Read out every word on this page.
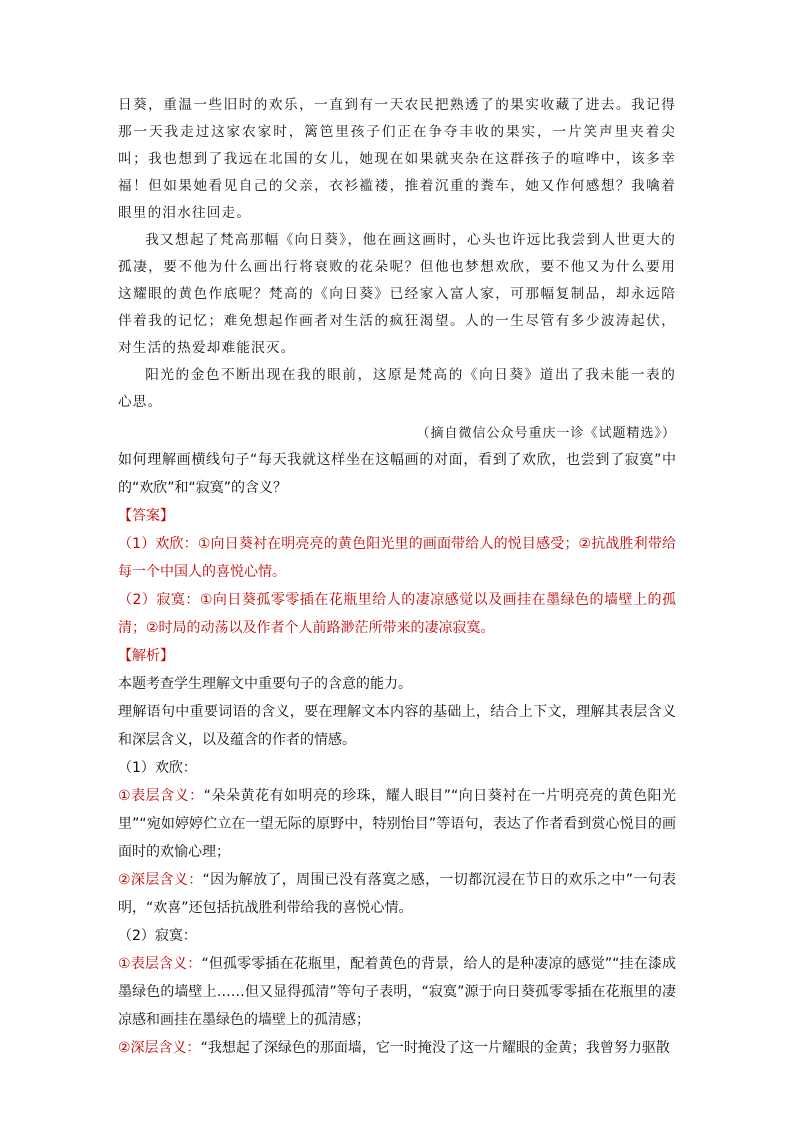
日葵，重温一些旧时的欢乐，一直到有一天农民把熟透了的果实收藏了进去。我记得那一天我走过这家农家时，篱笆里孩子们正在争夺丰收的果实，一片笑声里夹着尖叫；我也想到了我远在北国的女儿，她现在如果就夹杂在这群孩子的喧哗中，该多幸福！但如果她看见自己的父亲，衣衫褴褛，推着沉重的粪车，她又作何感想？我噙着眼里的泪水往回走。

我又想起了梵高那幅《向日葵》，他在画这画时，心头也许远比我尝到人世更大的孤凄，要不他为什么画出行将衰败的花朵呢？但他也梦想欢欣，要不他又为什么要用这耀眼的黄色作底呢？梵高的《向日葵》已经家入富人家，可那幅复制品，却永远陪伴着我的记忆；难免想起作画者对生活的疯狂渴望。人的一生尽管有多少波涛起伏，对生活的热爱却难能泯灭。

阳光的金色不断出现在我的眼前，这原是梵高的《向日葵》道出了我未能一表的心思。

（摘自微信公众号重庆一诊《试题精选》）

如何理解画横线句子“每天我就这样坐在这幅画的对面，看到了欢欣，也尝到了寂寞”中的“欢欣”和“寂寞”的含义？

【答案】

（1）欢欣：①向日葵衬在明亮亮的黄色阳光里的画面带给人的悦目感受；②抗战胜利带给每一个中国人的喜悦心情。

（2）寂寞：①向日葵孤零零插在花瓶里给人的凄凉感觉以及画挂在墨绿色的墙壁上的孤清；②时局的动荡以及作者个人前路渺茫所带来的凄凉寂寞。

【解析】

本题考查学生理解文中重要句子的含意的能力。

理解语句中重要词语的含义，要在理解文本内容的基础上，结合上下文，理解其表层含义和深层含义，以及蕴含的作者的情感。

（1）欢欣：

①表层含义：“朵朵黄花有如明亮的珍珠，耀人眼目”“向日葵衬在一片明亮亮的黄色阳光里”“宛如婷婷伫立在一望无际的原野中，特别怡目”等语句，表达了作者看到赏心悦目的画面时的欢愉心理；

②深层含义：“因为解放了，周围已没有落寞之感，一切都沉浸在节日的欢乐之中”一句表明，“欢喜”还包括抗战胜利带给我的喜悦心情。

（2）寂寞：

①表层含义：“但孤零零插在花瓶里，配着黄色的背景，给人的是种凄凉的感觉”“挂在漆成墨绿色的墙壁上……但又显得孤清”等句子表明，“寂寞”源于向日葵孤零零插在花瓶里的凄凉感和画挂在墨绿色的墙壁上的孤清感；

②深层含义：“我想起了深绿色的那面墙，它一时掩没了这一片耀眼的金黄；我曾努力驱散
